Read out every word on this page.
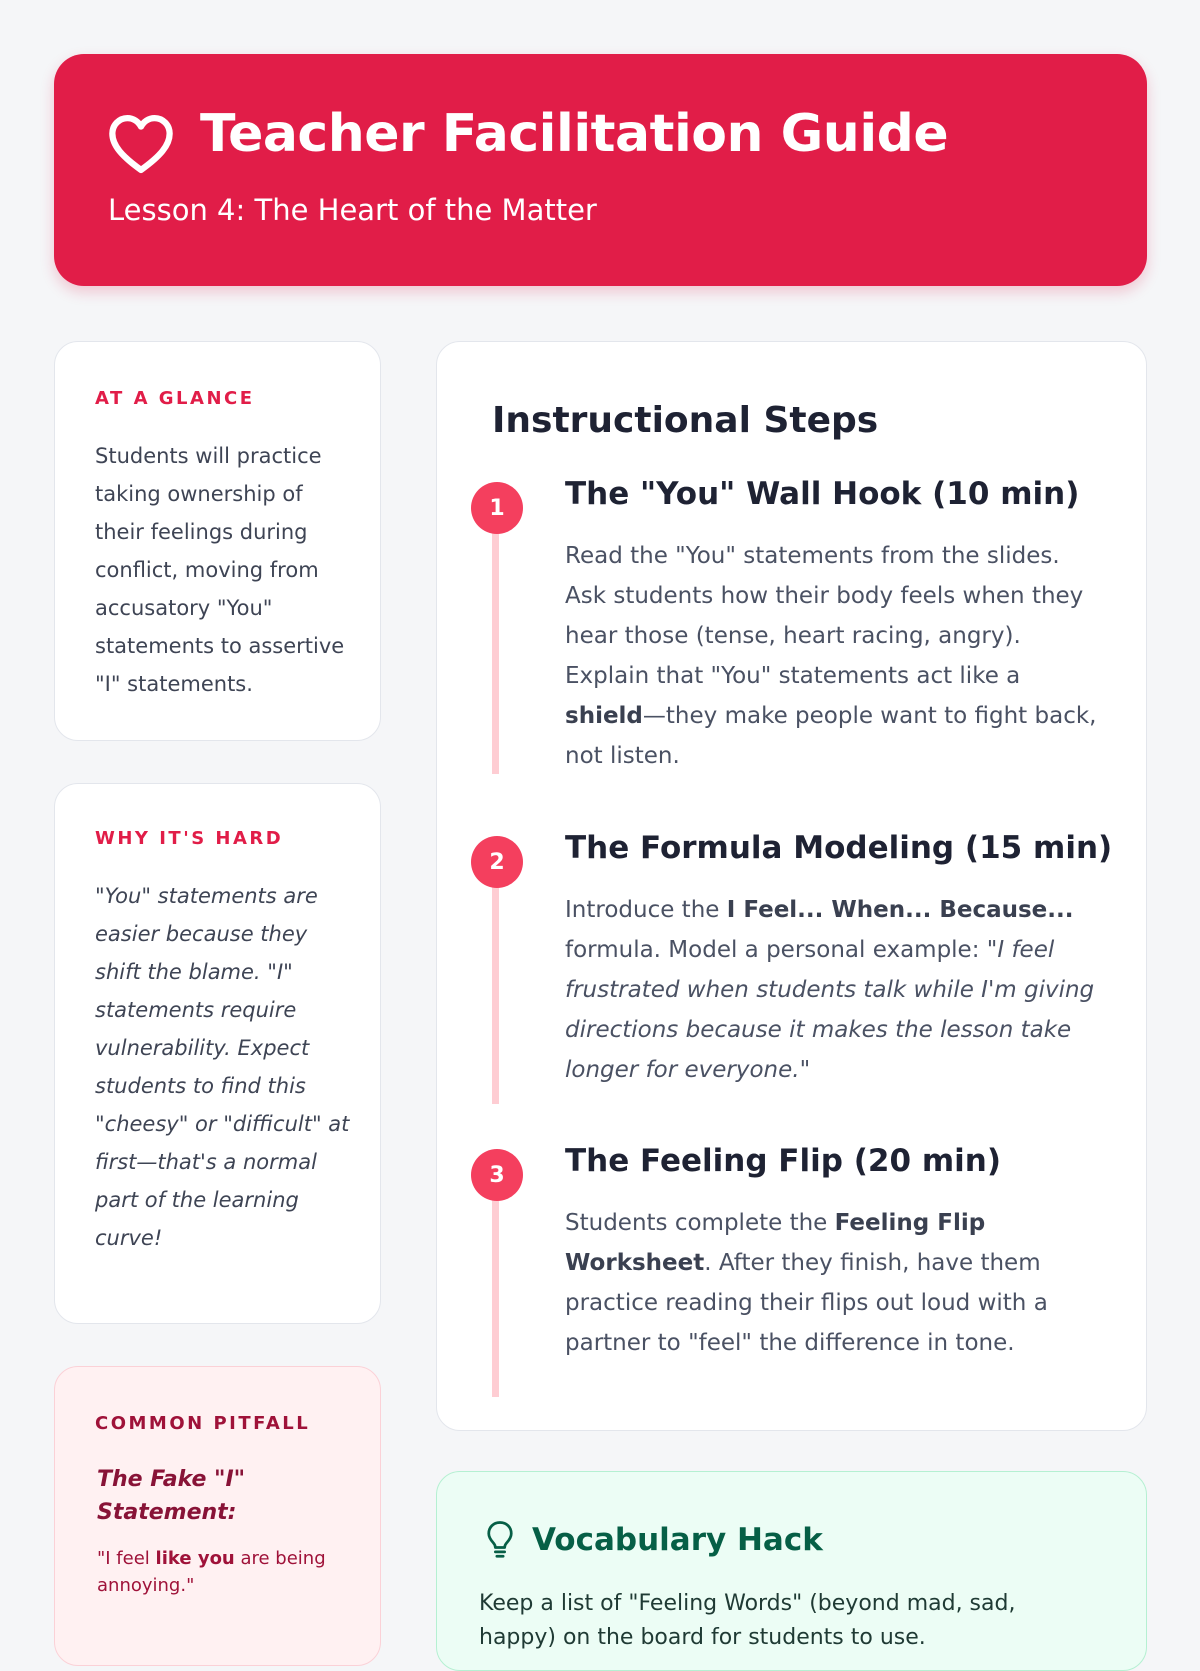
Teacher Facilitation Guide
Lesson 4: The Heart of the Matter
AT A GLANCE
Students will practice taking ownership of their feelings during conflict, moving from accusatory "You" statements to assertive "I" statements.
WHY IT'S HARD
"You" statements are easier because they shift the blame. "I" statements require vulnerability. Expect students to find this "cheesy" or "difficult" at first—that's a normal part of the learning curve!
COMMON PITFALL
The Fake "I" Statement:
"I feel like you are being annoying."
Instructional Steps
1	The "You" Wall Hook (10 min)
Read the "You" statements from the slides. Ask students how their body feels when they hear those (tense, heart racing, angry). Explain that "You" statements act like a shield—they make people want to fight back, not listen.
2	The Formula Modeling (15 min)
Introduce the I Feel... When... Because... formula. Model a personal example: "I feel frustrated when students talk while I'm giving directions because it makes the lesson take longer for everyone."
3	The Feeling Flip (20 min)
Students complete the Feeling Flip Worksheet. After they finish, have them practice reading their flips out loud with a partner to "feel" the difference in tone.
Vocabulary Hack
Keep a list of "Feeling Words" (beyond mad, sad, happy) on the board for students to use.
